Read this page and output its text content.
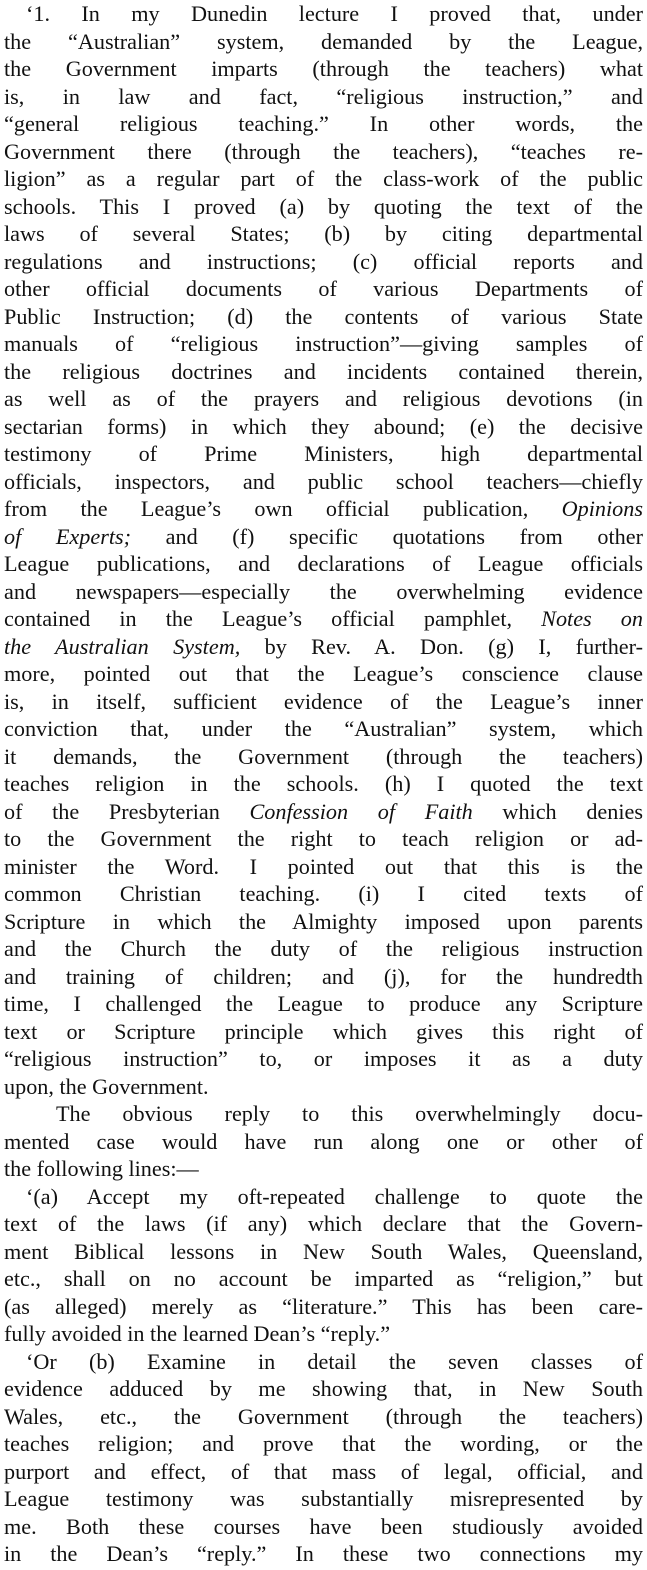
‘1. In my Dunedin lecture I proved that, under
the “Australian” system, demanded by the League,
the Government imparts (through the teachers) what
is, in law and fact, “religious instruction,” and
“general religious teaching.” In other words, the
Government there (through the teachers), “teaches re-
ligion” as a regular part of the class-work of the public
schools. This I proved (a) by quoting the text of the
laws of several States; (b) by citing departmental
regulations and instructions; (c) official reports and
other official documents of various Departments of
Public Instruction; (d) the contents of various State
manuals of “religious instruction”—giving samples of
the religious doctrines and incidents contained therein,
as well as of the prayers and religious devotions (in
sectarian forms) in which they abound; (e) the decisive
testimony of Prime Ministers, high departmental
officials, inspectors, and public school teachers—chiefly
from the League’s own official publication, Opinions
of Experts; and (f) specific quotations from other
League publications, and declarations of League officials
and newspapers—especially the overwhelming evidence
contained in the League’s official pamphlet, Notes on
the Australian System, by Rev. A. Don. (g) I, further-
more, pointed out that the League’s conscience clause
is, in itself, sufficient evidence of the League’s inner
conviction that, under the “Australian” system, which
it demands, the Government (through the teachers)
teaches religion in the schools. (h) I quoted the text
of the Presbyterian Confession of Faith which denies
to the Government the right to teach religion or ad-
minister the Word. I pointed out that this is the
common Christian teaching. (i) I cited texts of
Scripture in which the Almighty imposed upon parents
and the Church the duty of the religious instruction
and training of children; and (j), for the hundredth
time, I challenged the League to produce any Scripture
text or Scripture principle which gives this right of
“religious instruction” to, or imposes it as a duty
upon, the Government.
The obvious reply to this overwhelmingly docu-
mented case would have run along one or other of
the following lines:—
‘(a) Accept my oft-repeated challenge to quote the
text of the laws (if any) which declare that the Govern-
ment Biblical lessons in New South Wales, Queensland,
etc., shall on no account be imparted as “religion,” but
(as alleged) merely as “literature.” This has been care-
fully avoided in the learned Dean’s “reply.”
‘Or (b) Examine in detail the seven classes of
evidence adduced by me showing that, in New South
Wales, etc., the Government (through the teachers)
teaches religion; and prove that the wording, or the
purport and effect, of that mass of legal, official, and
League testimony was substantially misrepresented by
me. Both these courses have been studiously avoided
in the Dean’s “reply.” In these two connections my
